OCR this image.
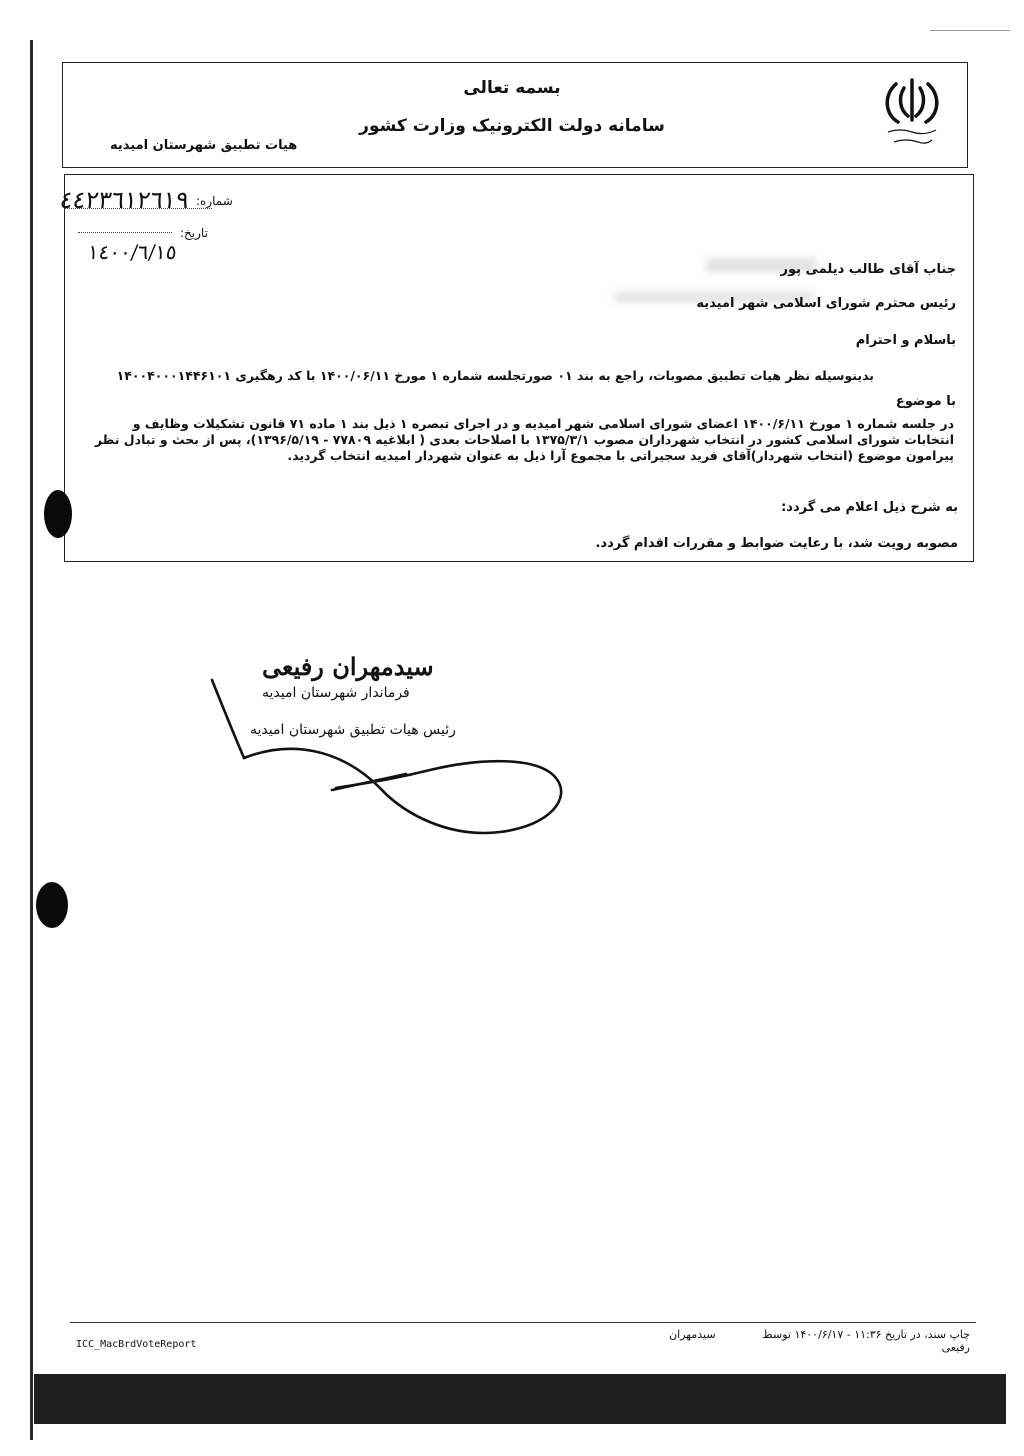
بسمه تعالی
سامانه دولت الکترونیک وزارت کشور
هیات تطبیق شهرستان امیدیه
شماره:
٤٤٢٣٦١٢٦١٩
تاریخ:
١٤٠٠/٦/١٥
جناب آقای طالب دیلمی پور
رئیس محترم شورای اسلامی شهر امیدیه
باسلام و احترام
بدینوسیله نظر هیات تطبیق مصوبات، راجع به بند ۰۱ صورتجلسه شماره ۱ مورخ ۱۴۰۰/۰۶/۱۱ با کد رهگیری ۱۴۰۰۴۰۰۰۱۴۴۶۱۰۱
با موضوع
در جلسه شماره ۱ مورخ ۱۴۰۰/۶/۱۱ اعضای شورای اسلامی شهر امیدیه و در اجرای تبصره ۱ ذیل بند ۱ ماده ۷۱ قانون تشکیلات وظایف و انتخابات شورای اسلامی کشور در انتخاب شهرداران مصوب ۱۳۷۵/۳/۱ با اصلاحات بعدی ( ابلاغیه ۷۷۸۰۹ - ۱۳۹۶/۵/۱۹)، پس از بحث و تبادل نظر پیرامون موضوع (انتخاب شهردار)آقای فرید سجیراتی با مجموع آرا ذیل به عنوان شهردار امیدیه انتخاب گردید.
به شرح ذیل اعلام می گردد:
مصوبه رویت شد، با رعایت ضوابط و مقررات اقدام گردد.
سیدمهران رفیعی
فرماندار شهرستان امیدیه
رئیس هیات تطبیق شهرستان امیدیه
ICC_MacBrdVoteReport
چاپ سند، در تاریخ ۱۱:۳۶ - ۱۴۰۰/۶/۱۷ توسط  سیدمهران رفیعی
